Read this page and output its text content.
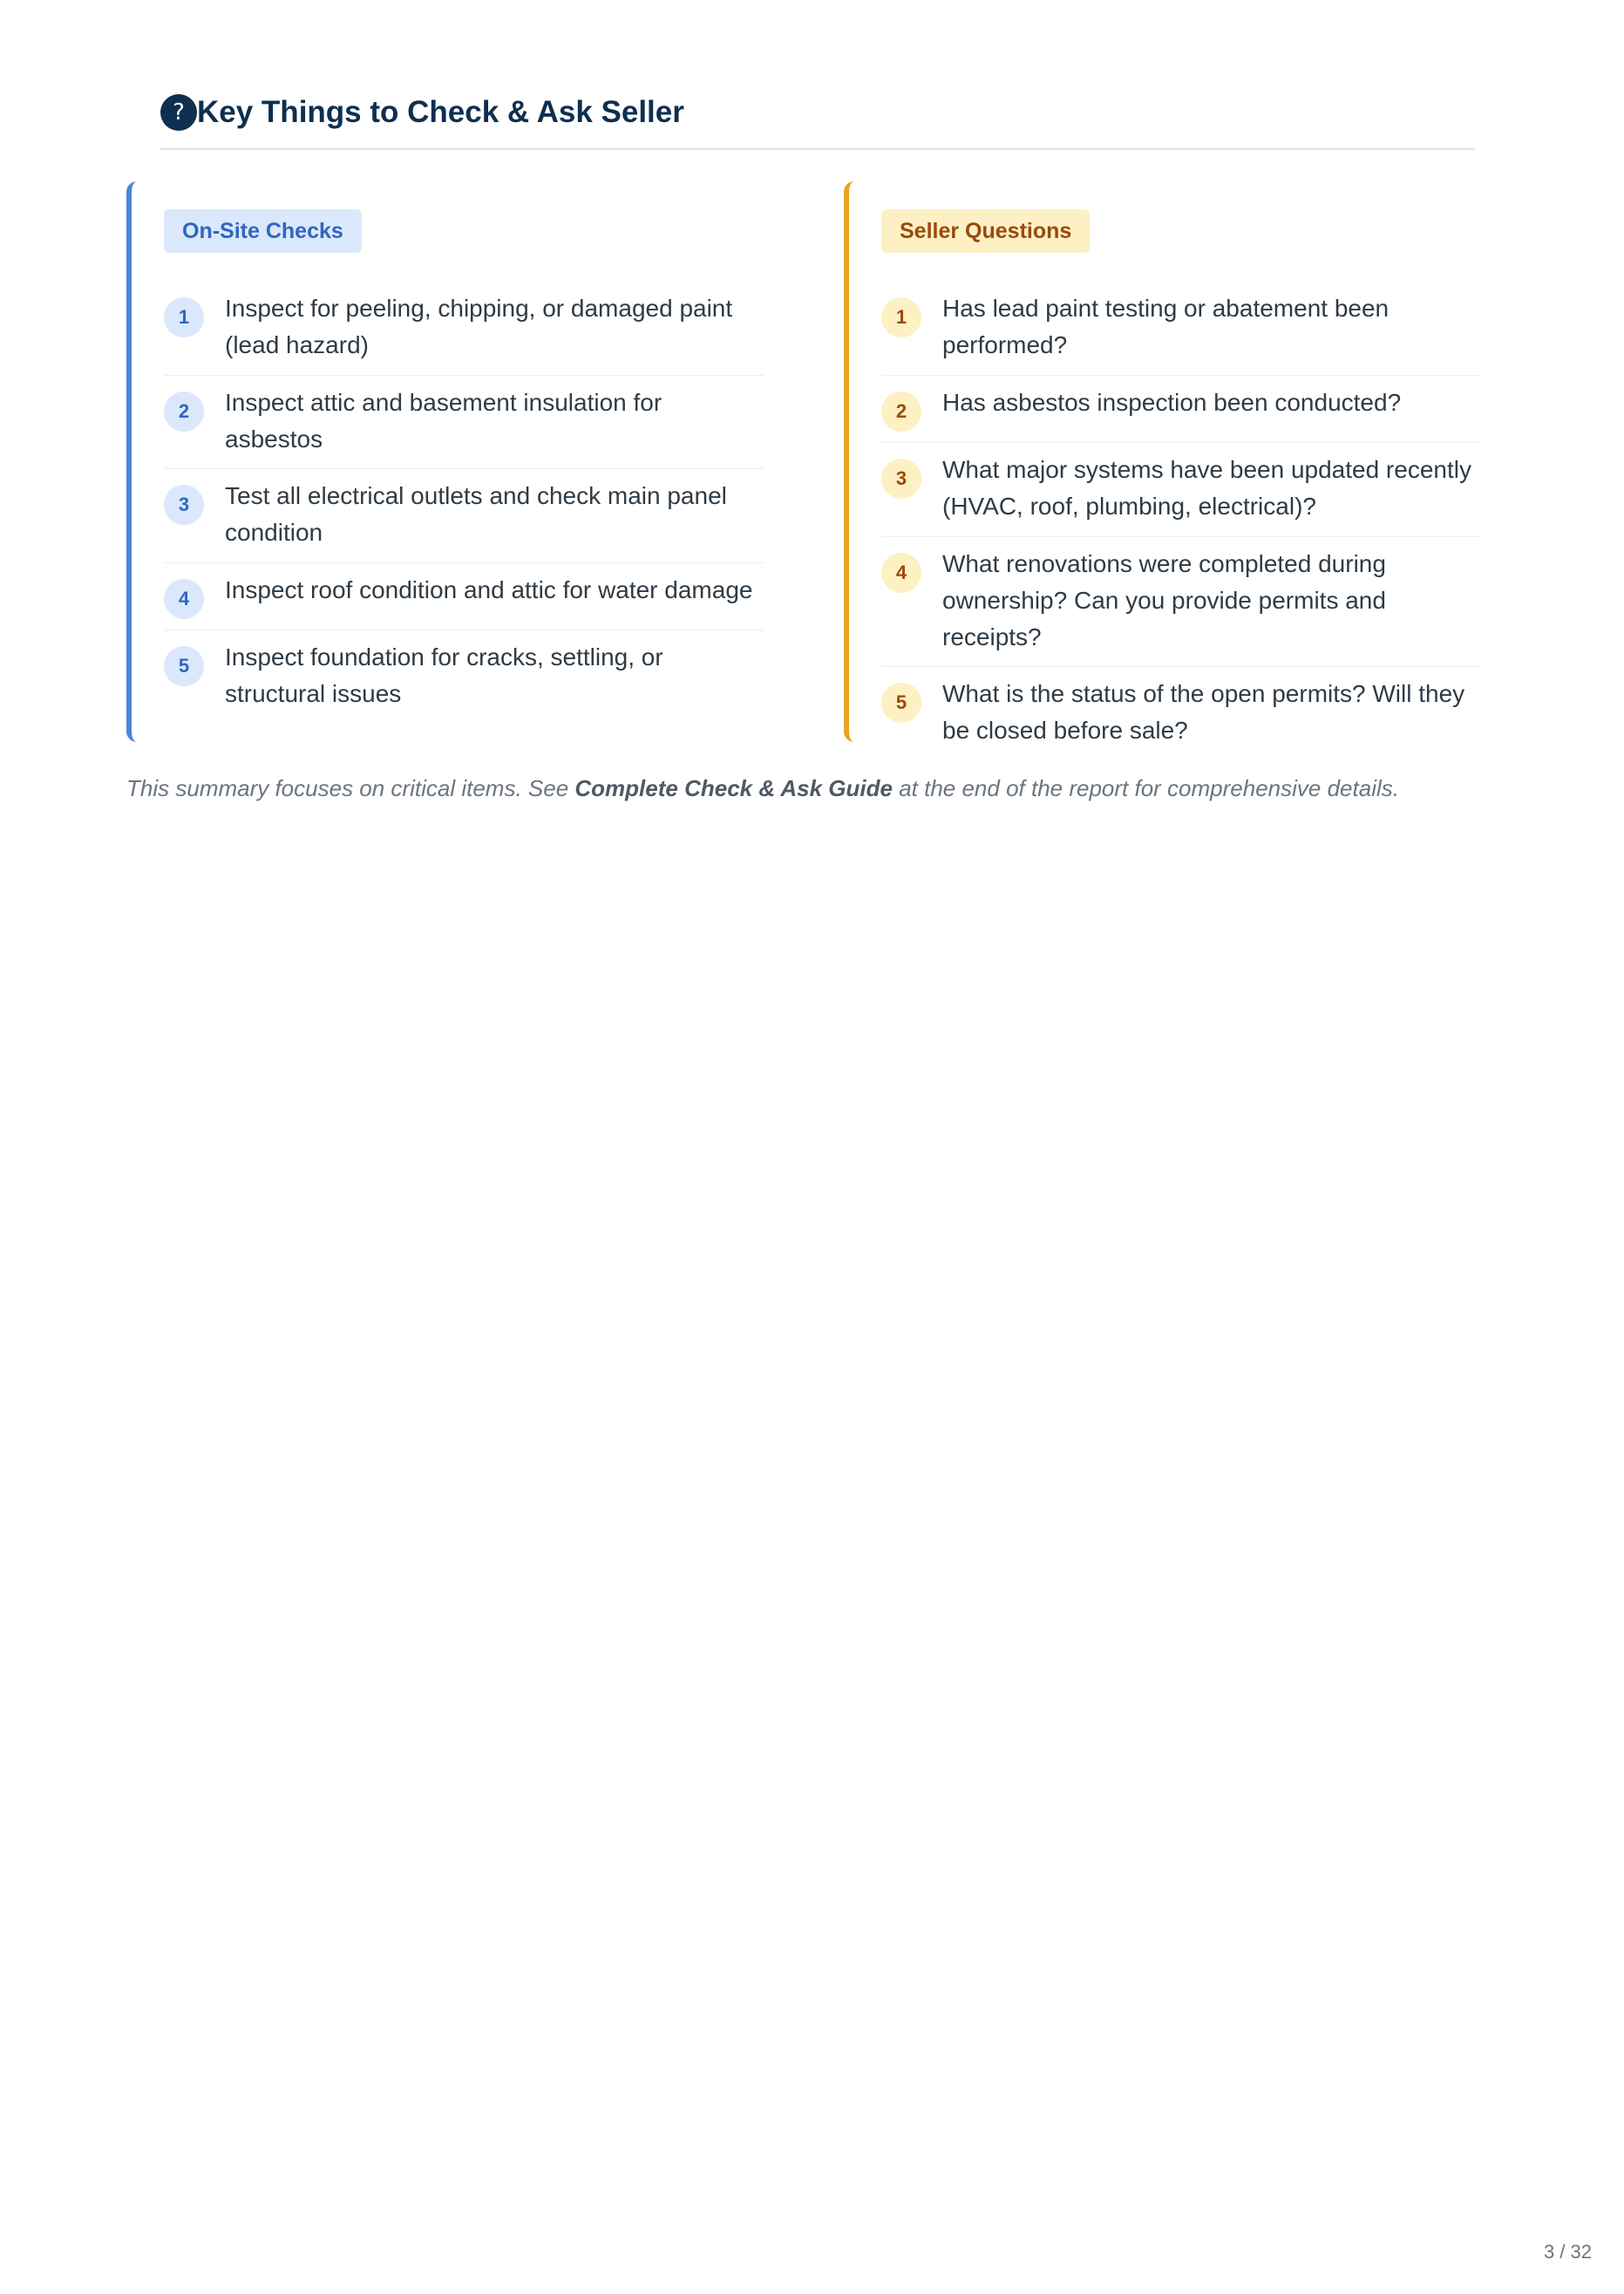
? Key Things to Check & Ask Seller
On-Site Checks
1	Inspect for peeling, chipping, or damaged paint (lead hazard)
2	Inspect attic and basement insulation for asbestos
3	Test all electrical outlets and check main panel condition
4	Inspect roof condition and attic for water damage
5	Inspect foundation for cracks, settling, or structural issues
Seller Questions
1	Has lead paint testing or abatement been performed?
2	Has asbestos inspection been conducted?
3	What major systems have been updated recently (HVAC, roof, plumbing, electrical)?
4	What renovations were completed during ownership? Can you provide permits and receipts?
5	What is the status of the open permits? Will they be closed before sale?

This summary focuses on critical items. See Complete Check & Ask Guide at the end of the report for comprehensive details.

3 / 32
